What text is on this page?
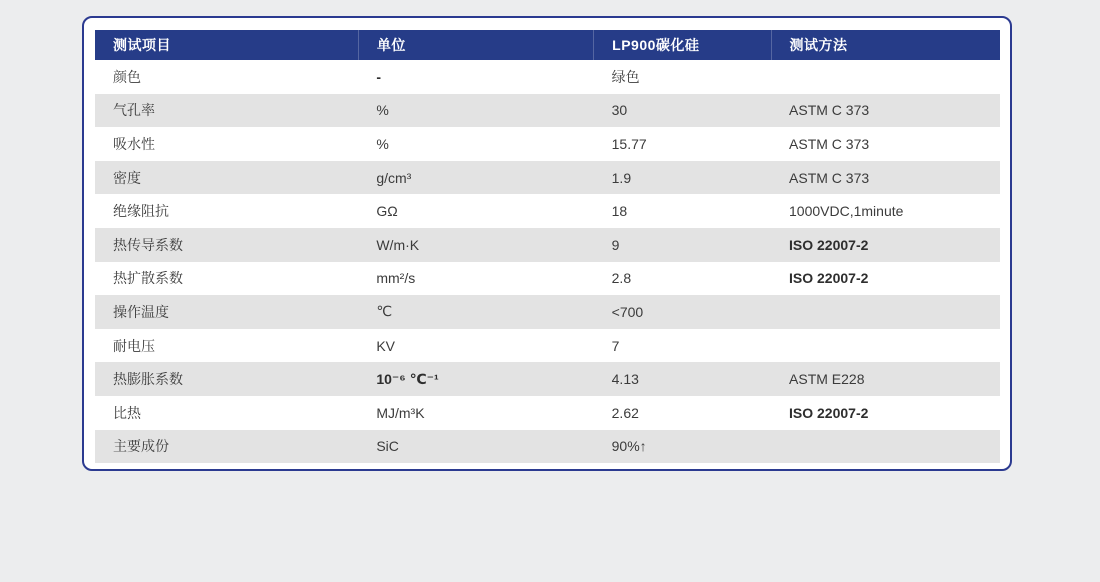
测试项目	单位	LP900碳化硅	测试方法
颜色	-	绿色	
气孔率	%	30	ASTM C 373
吸水性	%	15.77	ASTM C 373
密度	g/cm³	1.9	ASTM C 373
绝缘阻抗	GΩ	18	1000VDC,1minute
热传导系数	W/m·K	9	ISO 22007-2
热扩散系数	mm²/s	2.8	ISO 22007-2
操作温度	℃	<700	
耐电压	KV	7	
热膨胀系数	10⁻⁶ ℃⁻¹	4.13	ASTM E228
比热	MJ/m³K	2.62	ISO 22007-2
主要成份	SiC	90%↑	
